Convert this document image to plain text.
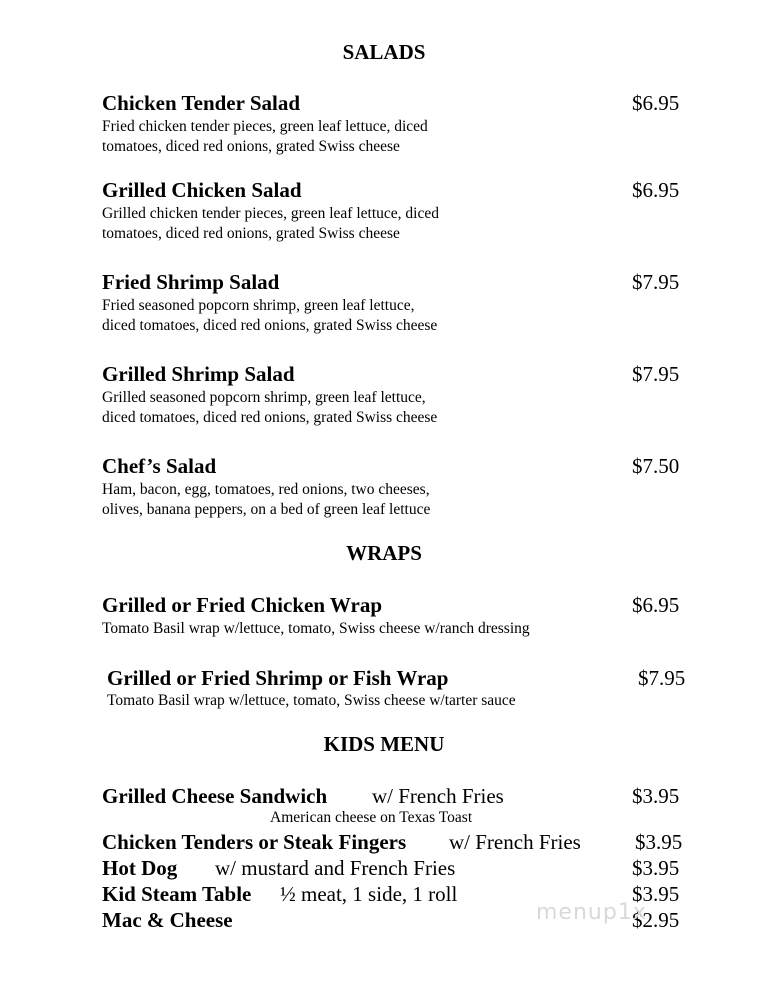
SALADS
Chicken Tender Salad	$6.95
Fried chicken tender pieces, green leaf lettuce, diced
tomatoes, diced red onions, grated Swiss cheese
Grilled Chicken Salad	$6.95
Grilled chicken tender pieces, green leaf lettuce, diced
tomatoes, diced red onions, grated Swiss cheese
Fried Shrimp Salad	$7.95
Fried seasoned popcorn shrimp, green leaf lettuce,
diced tomatoes, diced red onions, grated Swiss cheese
Grilled Shrimp Salad	$7.95
Grilled seasoned popcorn shrimp, green leaf lettuce,
diced tomatoes, diced red onions, grated Swiss cheese
Chef’s Salad	$7.50
Ham, bacon, egg, tomatoes, red onions, two cheeses,
olives, banana peppers, on a bed of green leaf lettuce
WRAPS
Grilled or Fried Chicken Wrap	$6.95
Tomato Basil wrap w/lettuce, tomato, Swiss cheese w/ranch dressing
Grilled or Fried Shrimp or Fish Wrap	$7.95
Tomato Basil wrap w/lettuce, tomato, Swiss cheese w/tarter sauce
KIDS MENU
Grilled Cheese Sandwich w/ French Fries	$3.95
American cheese on Texas Toast
Chicken Tenders or Steak Fingers w/ French Fries	$3.95
Hot Dog w/ mustard and French Fries	$3.95
Kid Steam Table ½ meat, 1 side, 1 roll	$3.95
Mac & Cheese	$2.95
menup1x
